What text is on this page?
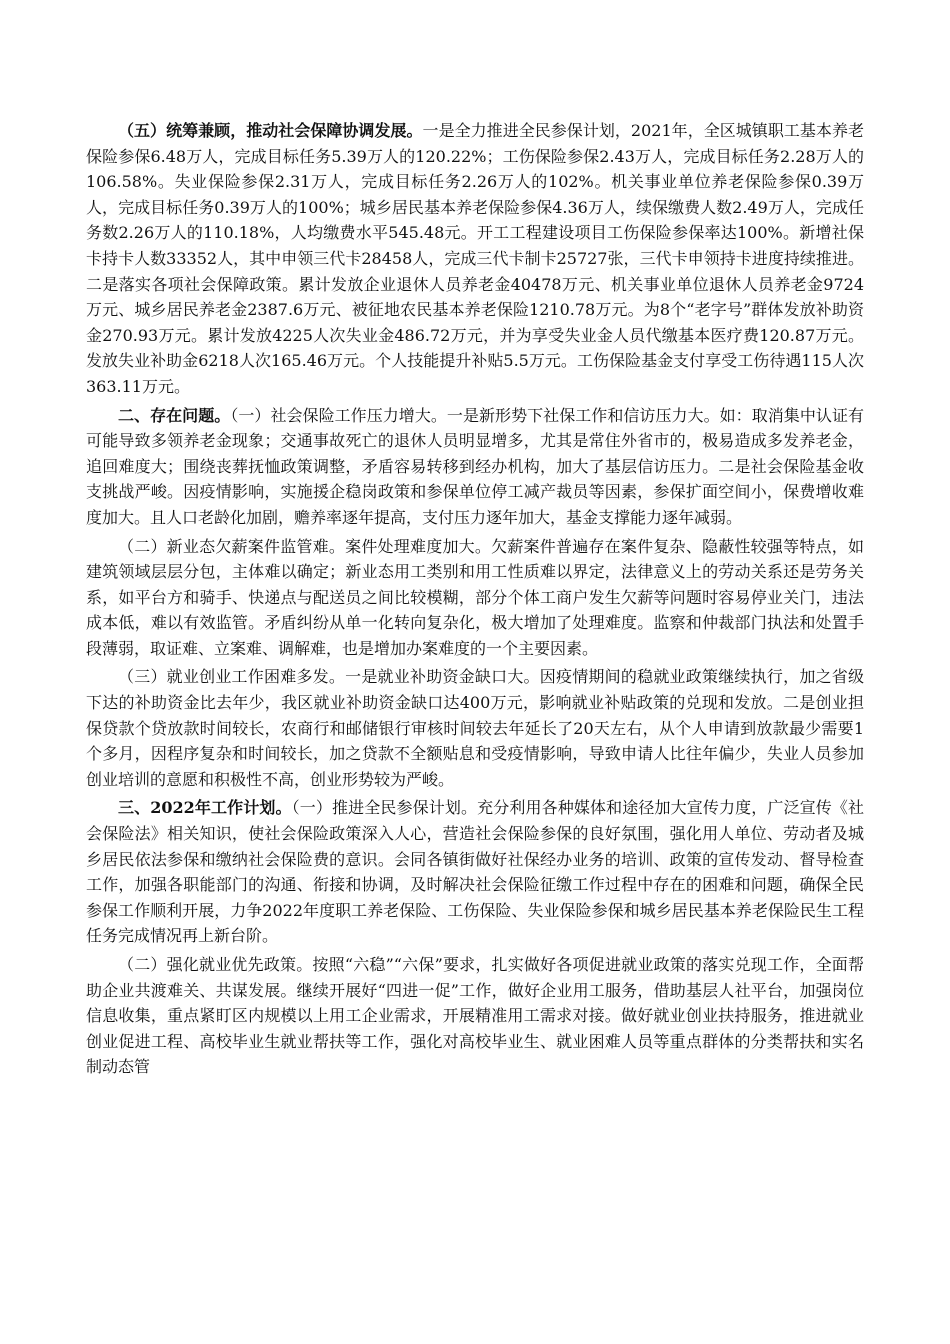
（五）统筹兼顾，推动社会保障协调发展。一是全力推进全民参保计划，2021年，全区城镇职工基本养老保险参保6.48万人，完成目标任务5.39万人的120.22%；工伤保险参保2.43万人，完成目标任务2.28万人的106.58%。失业保险参保2.31万人，完成目标任务2.26万人的102%。机关事业单位养老保险参保0.39万人，完成目标任务0.39万人的100%；城乡居民基本养老保险参保4.36万人，续保缴费人数2.49万人，完成任务数2.26万人的110.18%，人均缴费水平545.48元。开工工程建设项目工伤保险参保率达100%。新增社保卡持卡人数33352人，其中申领三代卡28458人，完成三代卡制卡25727张，三代卡申领持卡进度持续推进。二是落实各项社会保障政策。累计发放企业退休人员养老金40478万元、机关事业单位退休人员养老金9724万元、城乡居民养老金2387.6万元、被征地农民基本养老保险1210.78万元。为8个“老字号”群体发放补助资金270.93万元。累计发放4225人次失业金486.72万元，并为享受失业金人员代缴基本医疗费120.87万元。发放失业补助金6218人次165.46万元。个人技能提升补贴5.5万元。工伤保险基金支付享受工伤待遇115人次363.11万元。

二、存在问题。（一）社会保险工作压力增大。一是新形势下社保工作和信访压力大。如：取消集中认证有可能导致多领养老金现象；交通事故死亡的退休人员明显增多，尤其是常住外省市的，极易造成多发养老金，追回难度大；围绕丧葬抚恤政策调整，矛盾容易转移到经办机构，加大了基层信访压力。二是社会保险基金收支挑战严峻。因疫情影响，实施援企稳岗政策和参保单位停工减产裁员等因素，参保扩面空间小，保费增收难度加大。且人口老龄化加剧，赡养率逐年提高，支付压力逐年加大，基金支撑能力逐年减弱。

（二）新业态欠薪案件监管难。案件处理难度加大。欠薪案件普遍存在案件复杂、隐蔽性较强等特点，如建筑领域层层分包，主体难以确定；新业态用工类别和用工性质难以界定，法律意义上的劳动关系还是劳务关系，如平台方和骑手、快递点与配送员之间比较模糊，部分个体工商户发生欠薪等问题时容易停业关门，违法成本低，难以有效监管。矛盾纠纷从单一化转向复杂化，极大增加了处理难度。监察和仲裁部门执法和处置手段薄弱，取证难、立案难、调解难，也是增加办案难度的一个主要因素。

（三）就业创业工作困难多发。一是就业补助资金缺口大。因疫情期间的稳就业政策继续执行，加之省级下达的补助资金比去年少，我区就业补助资金缺口达400万元，影响就业补贴政策的兑现和发放。二是创业担保贷款个贷放款时间较长，农商行和邮储银行审核时间较去年延长了20天左右，从个人申请到放款最少需要1个多月，因程序复杂和时间较长，加之贷款不全额贴息和受疫情影响，导致申请人比往年偏少，失业人员参加创业培训的意愿和积极性不高，创业形势较为严峻。

三、2022年工作计划。（一）推进全民参保计划。充分利用各种媒体和途径加大宣传力度，广泛宣传《社会保险法》相关知识，使社会保险政策深入人心，营造社会保险参保的良好氛围，强化用人单位、劳动者及城乡居民依法参保和缴纳社会保险费的意识。会同各镇街做好社保经办业务的培训、政策的宣传发动、督导检查工作，加强各职能部门的沟通、衔接和协调，及时解决社会保险征缴工作过程中存在的困难和问题，确保全民参保工作顺利开展，力争2022年度职工养老保险、工伤保险、失业保险参保和城乡居民基本养老保险民生工程任务完成情况再上新台阶。

（二）强化就业优先政策。按照“六稳”“六保”要求，扎实做好各项促进就业政策的落实兑现工作，全面帮助企业共渡难关、共谋发展。继续开展好“四进一促”工作，做好企业用工服务，借助基层人社平台，加强岗位信息收集，重点紧盯区内规模以上用工企业需求，开展精准用工需求对接。做好就业创业扶持服务，推进就业创业促进工程、高校毕业生就业帮扶等工作，强化对高校毕业生、就业困难人员等重点群体的分类帮扶和实名制动态管
